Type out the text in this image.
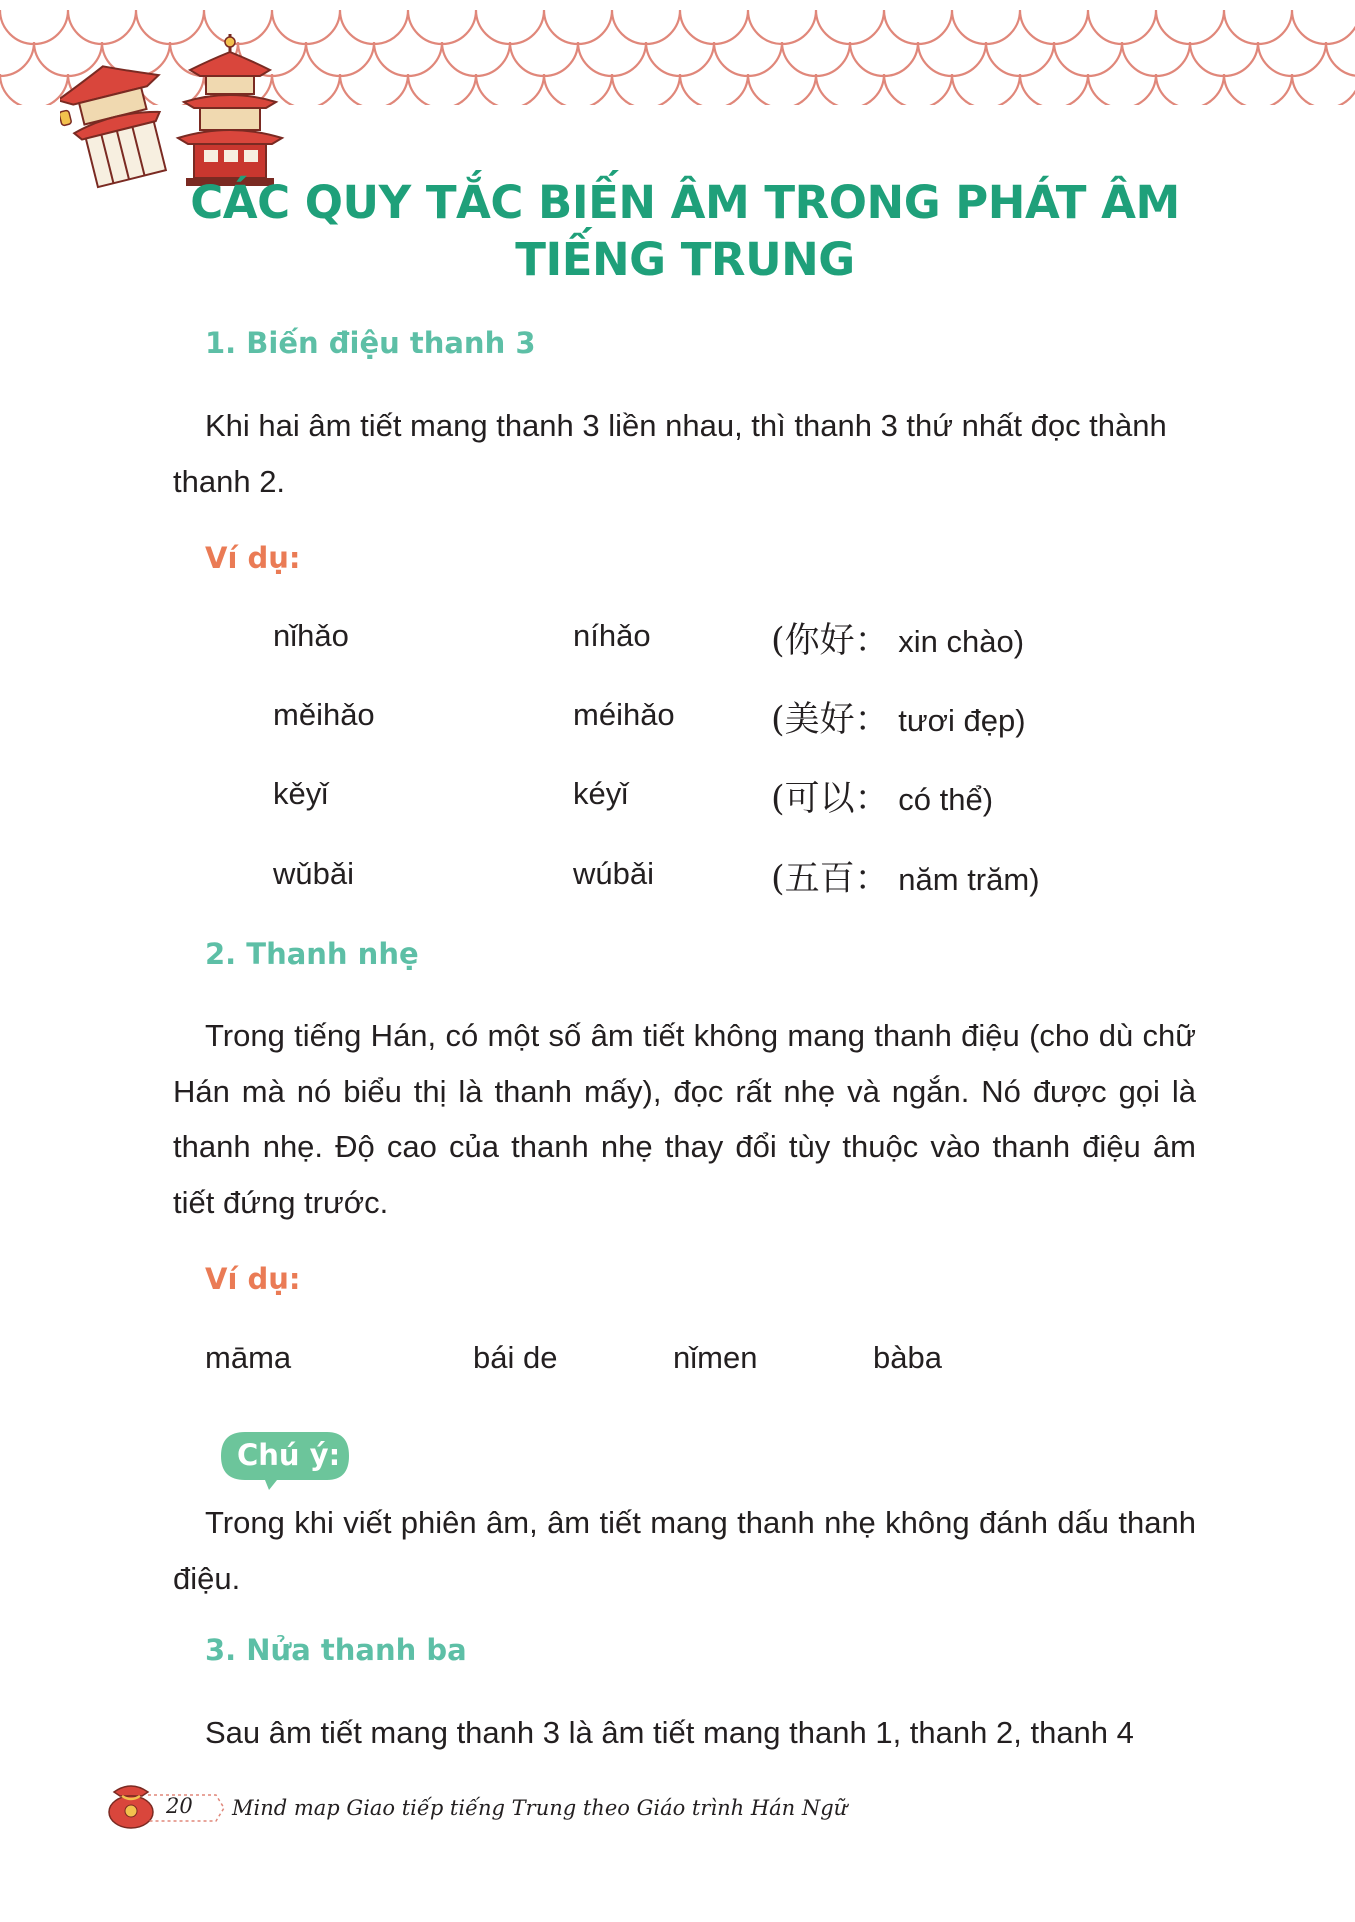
CÁC QUY TẮC BIẾN ÂM TRONG PHÁT ÂM
TIẾNG TRUNG
1. Biến điệu thanh 3
Khi hai âm tiết mang thanh 3 liền nhau, thì thanh 3 thứ nhất đọc thành
thanh 2.
Ví dụ:
nǐhǎo	níhǎo	(你好： xin chào)
měihǎo	méihǎo	(美好： tươi đẹp)
kěyǐ	kéyǐ	(可以： có thể)
wǔbǎi	wúbǎi	(五百： năm trăm)
2. Thanh nhẹ
Trong tiếng Hán, có một số âm tiết không mang thanh điệu (cho dù chữ Hán mà nó biểu thị là thanh mấy), đọc rất nhẹ và ngắn. Nó được gọi là thanh nhẹ. Độ cao của thanh nhẹ thay đổi tùy thuộc vào thanh điệu âm tiết đứng trước.
Ví dụ:
māma	bái de	nǐmen	bàba
Chú ý:
Trong khi viết phiên âm, âm tiết mang thanh nhẹ không đánh dấu thanh điệu.
3. Nửa thanh ba
Sau âm tiết mang thanh 3 là âm tiết mang thanh 1, thanh 2, thanh 4
20 Mind map Giao tiếp tiếng Trung theo Giáo trình Hán Ngữ
